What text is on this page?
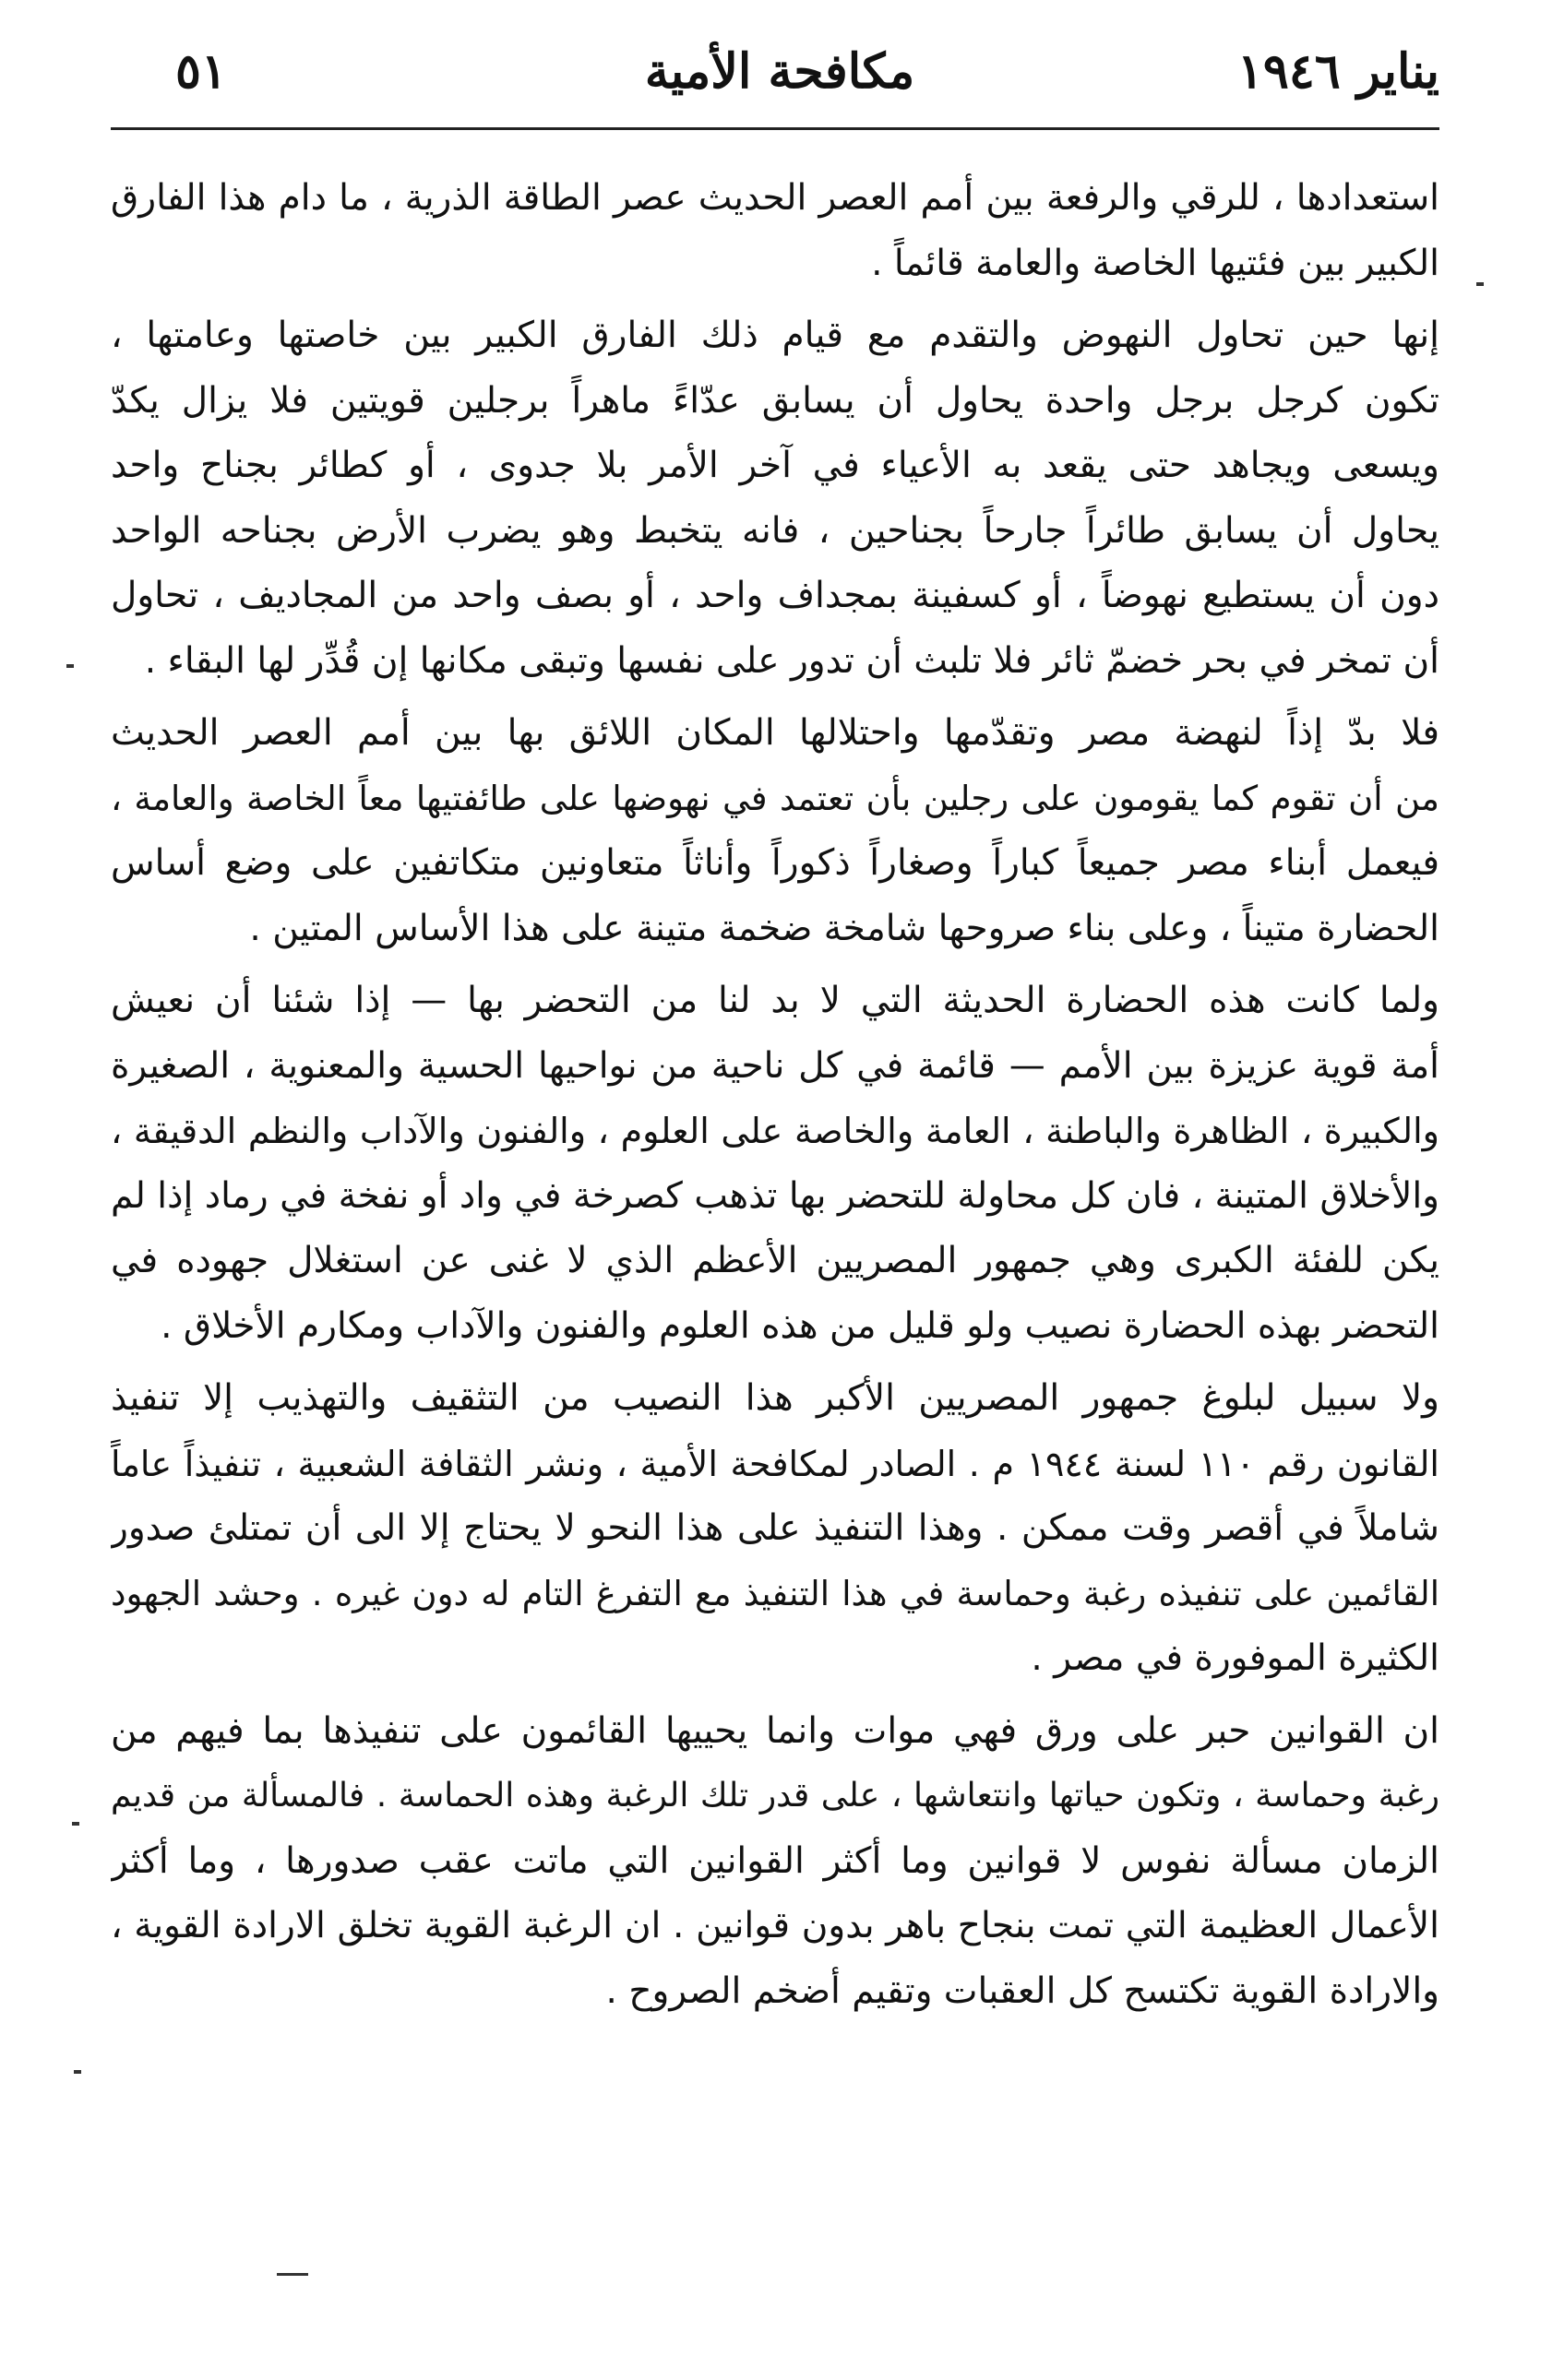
يناير ١٩٤٦
مكافحة الأمية
٥١
استعدادها ، للرقي والرفعة بين أمم العصر الحديث عصر الطاقة الذرية ، ما دام هذا الفارق
الكبير بين فئتيها الخاصة والعامة قائماً .
إنها حين تحاول النهوض والتقدم مع قيام ذلك الفارق الكبير بين خاصتها وعامتها ،
تكون كرجل برجل واحدة يحاول أن يسابق عدّاءً ماهراً برجلين قويتين فلا يزال يكدّ
ويسعى ويجاهد حتى يقعد به الأعياء في آخر الأمر بلا جدوى ، أو كطائر بجناح واحد
يحاول أن يسابق طائراً جارحاً بجناحين ، فانه يتخبط وهو يضرب الأرض بجناحه الواحد
دون أن يستطيع نهوضاً ، أو كسفينة بمجداف واحد ، أو بصف واحد من المجاديف ، تحاول
أن تمخر في بحر خضمّ ثائر فلا تلبث أن تدور على نفسها وتبقى مكانها إن قُدِّر لها البقاء .
فلا بدّ إذاً لنهضة مصر وتقدّمها واحتلالها المكان اللائق بها بين أمم العصر الحديث
من أن تقوم كما يقومون على رجلين بأن تعتمد في نهوضها على طائفتيها معاً الخاصة والعامة ،
فيعمل أبناء مصر جميعاً كباراً وصغاراً ذكوراً وأناثاً متعاونين متكاتفين على وضع أساس
الحضارة متيناً ، وعلى بناء صروحها شامخة ضخمة متينة على هذا الأساس المتين .
ولما كانت هذه الحضارة الحديثة التي لا بد لنا من التحضر بها — إذا شئنا أن نعيش
أمة قوية عزيزة بين الأمم — قائمة في كل ناحية من نواحيها الحسية والمعنوية ، الصغيرة
والكبيرة ، الظاهرة والباطنة ، العامة والخاصة على العلوم ، والفنون والآداب والنظم الدقيقة ،
والأخلاق المتينة ، فان كل محاولة للتحضر بها تذهب كصرخة في واد أو نفخة في رماد إذا لم
يكن للفئة الكبرى وهي جمهور المصريين الأعظم الذي لا غنى عن استغلال جهوده في
التحضر بهذه الحضارة نصيب ولو قليل من هذه العلوم والفنون والآداب ومكارم الأخلاق .
ولا سبيل لبلوغ جمهور المصريين الأكبر هذا النصيب من التثقيف والتهذيب إلا تنفيذ
القانون رقم ١١٠ لسنة ١٩٤٤ م . الصادر لمكافحة الأمية ، ونشر الثقافة الشعبية ، تنفيذاً عاماً
شاملاً في أقصر وقت ممكن . وهذا التنفيذ على هذا النحو لا يحتاج إلا الى أن تمتلئ صدور
القائمين على تنفيذه رغبة وحماسة في هذا التنفيذ مع التفرغ التام له دون غيره . وحشد الجهود
الكثيرة الموفورة في مصر .
ان القوانين حبر على ورق فهي موات وانما يحييها القائمون على تنفيذها بما فيهم من
رغبة وحماسة ، وتكون حياتها وانتعاشها ، على قدر تلك الرغبة وهذه الحماسة . فالمسألة من قديم
الزمان مسألة نفوس لا قوانين وما أكثر القوانين التي ماتت عقب صدورها ، وما أكثر
الأعمال العظيمة التي تمت بنجاح باهر بدون قوانين . ان الرغبة القوية تخلق الارادة القوية ،
والارادة القوية تكتسح كل العقبات وتقيم أضخم الصروح .
